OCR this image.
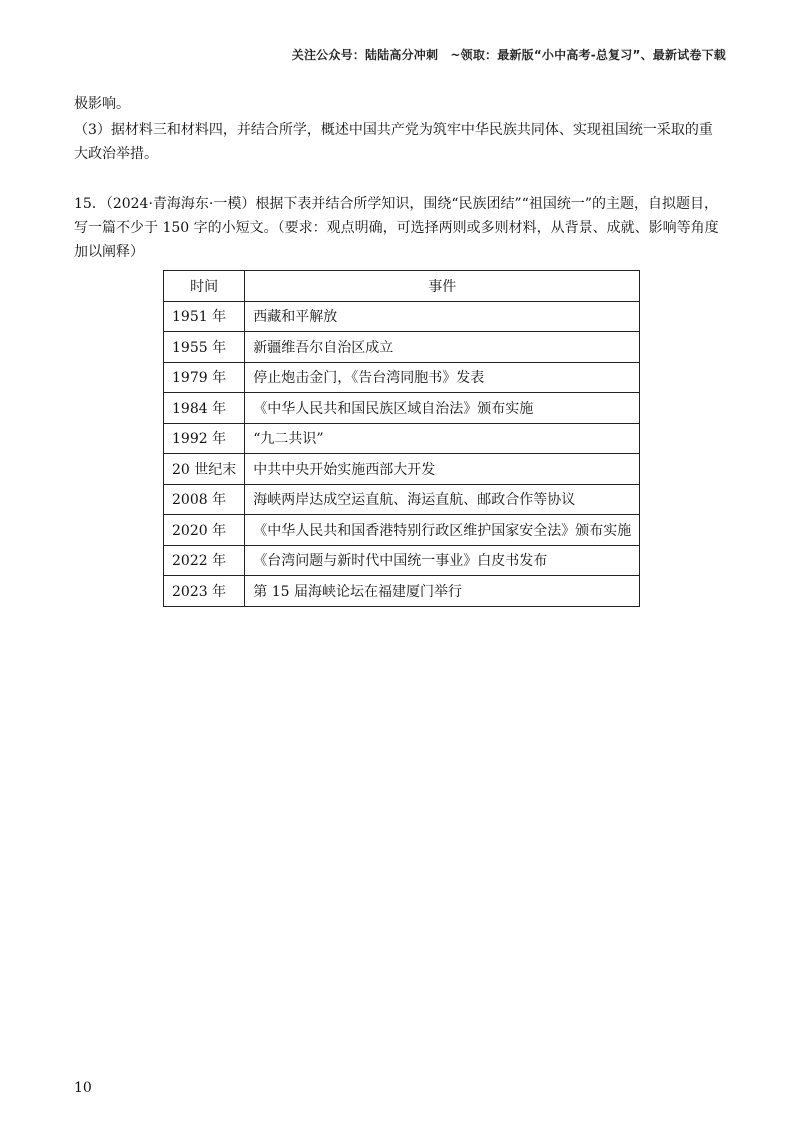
关注公众号：陆陆高分冲刺　~领取：最新版“小中高考-总复习”、最新试卷下载

极影响。

（3）据材料三和材料四，并结合所学，概述中国共产党为筑牢中华民族共同体、实现祖国统一采取的重大政治举措。

15．（2024·青海海东·一模）根据下表并结合所学知识，围绕“民族团结”“祖国统一”的主题，自拟题目，写一篇不少于 150 字的小短文。（要求：观点明确，可选择两则或多则材料，从背景、成就、影响等角度加以阐释）

时间	事件
1951 年	西藏和平解放
1955 年	新疆维吾尔自治区成立
1979 年	停止炮击金门，《告台湾同胞书》发表
1984 年	《中华人民共和国民族区域自治法》颁布实施
1992 年	“九二共识”
20 世纪末	中共中央开始实施西部大开发
2008 年	海峡两岸达成空运直航、海运直航、邮政合作等协议
2020 年	《中华人民共和国香港特别行政区维护国家安全法》颁布实施
2022 年	《台湾问题与新时代中国统一事业》白皮书发布
2023 年	第 15 届海峡论坛在福建厦门举行
10
